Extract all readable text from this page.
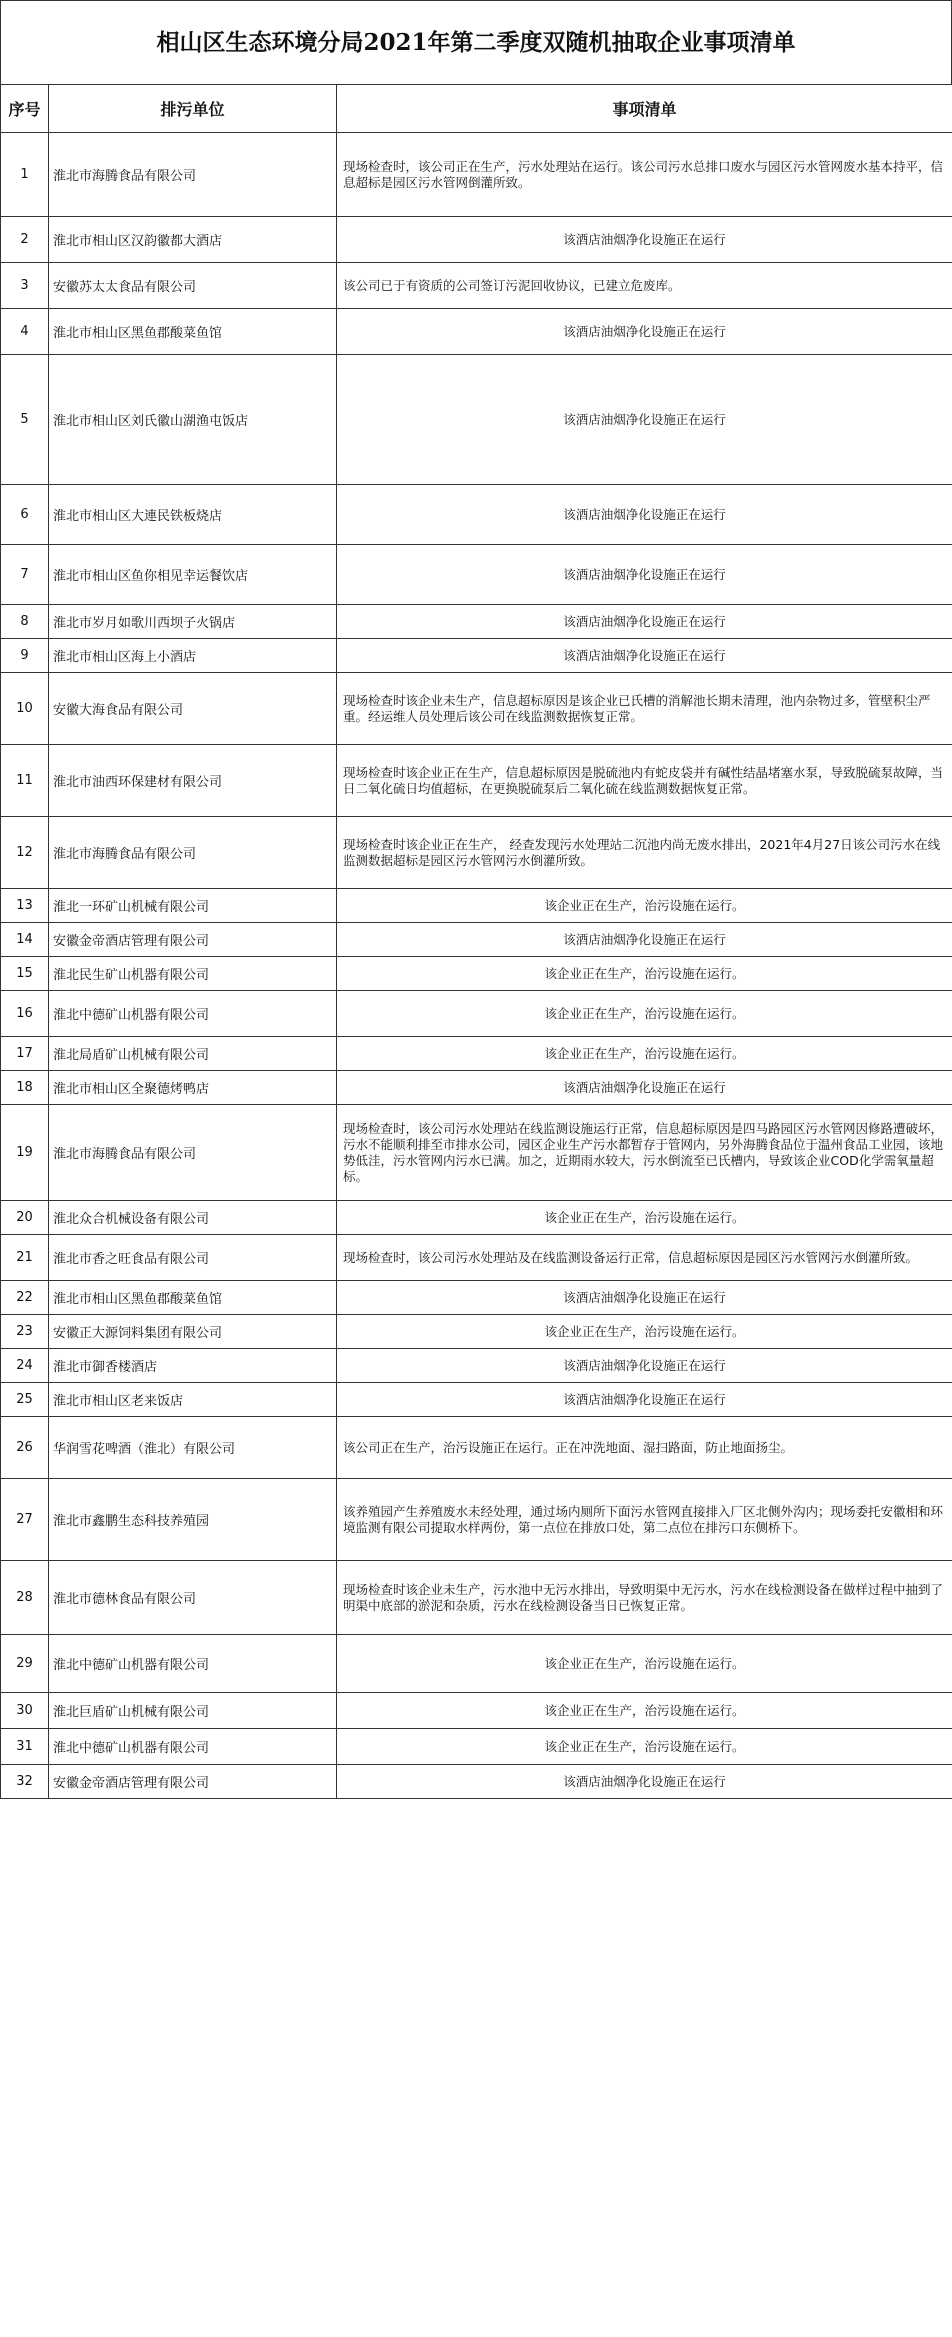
相山区生态环境分局2021年第二季度双随机抽取企业事项清单
序号	排污单位	事项清单
1	淮北市海腾食品有限公司	现场检查时，该公司正在生产，污水处理站在运行。该公司污水总排口废水与园区污水管网废水基本持平，信息超标是园区污水管网倒灌所致。
2	淮北市相山区汉韵徽都大酒店	该酒店油烟净化设施正在运行
3	安徽苏太太食品有限公司	该公司已于有资质的公司签订污泥回收协议，已建立危废库。
4	淮北市相山区黑鱼郡酸菜鱼馆	该酒店油烟净化设施正在运行
5	淮北市相山区刘氏徽山湖渔屯饭店	该酒店油烟净化设施正在运行
6	淮北市相山区大連民铁板烧店	该酒店油烟净化设施正在运行
7	淮北市相山区鱼你相见幸运餐饮店	该酒店油烟净化设施正在运行
8	淮北市岁月如歌川西坝子火锅店	该酒店油烟净化设施正在运行
9	淮北市相山区海上小酒店	该酒店油烟净化设施正在运行
10	安徽大海食品有限公司	现场检查时该企业未生产，信息超标原因是该企业已氏槽的消解池长期未清理，池内杂物过多，管壁积尘严重。经运维人员处理后该公司在线监测数据恢复正常。
11	淮北市油西环保建材有限公司	现场检查时该企业正在生产，信息超标原因是脱硫池内有蛇皮袋并有碱性结晶堵塞水泵，导致脱硫泵故障，当日二氧化硫日均值超标，在更换脱硫泵后二氧化硫在线监测数据恢复正常。
12	淮北市海腾食品有限公司	现场检查时该企业正在生产， 经查发现污水处理站二沉池内尚无废水排出，2021年4月27日该公司污水在线监测数据超标是园区污水管网污水倒灌所致。
13	淮北一环矿山机械有限公司	该企业正在生产，治污设施在运行。
14	安徽金帝酒店管理有限公司	该酒店油烟净化设施正在运行
15	淮北民生矿山机器有限公司	该企业正在生产，治污设施在运行。
16	淮北中德矿山机器有限公司	该企业正在生产，治污设施在运行。
17	淮北局盾矿山机械有限公司	该企业正在生产，治污设施在运行。
18	淮北市相山区全聚德烤鸭店	该酒店油烟净化设施正在运行
19	淮北市海腾食品有限公司	现场检查时，该公司污水处理站在线监测设施运行正常，信息超标原因是四马路园区污水管网因修路遭破坏，污水不能顺利排至市排水公司，园区企业生产污水都暂存于管网内，另外海腾食品位于温州食品工业园，该地势低洼，污水管网内污水已满。加之，近期雨水较大，污水倒流至已氏槽内，导致该企业COD化学需氧量超标。
20	淮北众合机械设备有限公司	该企业正在生产，治污设施在运行。
21	淮北市香之旺食品有限公司	现场检查时，该公司污水处理站及在线监测设备运行正常，信息超标原因是园区污水管网污水倒灌所致。
22	淮北市相山区黑鱼郡酸菜鱼馆	该酒店油烟净化设施正在运行
23	安徽正大源饲料集团有限公司	该企业正在生产，治污设施在运行。
24	淮北市御香楼酒店	该酒店油烟净化设施正在运行
25	淮北市相山区老来饭店	该酒店油烟净化设施正在运行
26	华润雪花啤酒（淮北）有限公司	该公司正在生产，治污设施正在运行。正在冲洗地面、湿扫路面，防止地面扬尘。
27	淮北市鑫鹏生态科技养殖园	该养殖园产生养殖废水未经处理，通过场内厕所下面污水管网直接排入厂区北侧外沟内；现场委托安徽相和环境监测有限公司提取水样两份，第一点位在排放口处，第二点位在排污口东侧桥下。
28	淮北市德林食品有限公司	现场检查时该企业未生产，污水池中无污水排出，导致明渠中无污水，污水在线检测设备在做样过程中抽到了明渠中底部的淤泥和杂质，污水在线检测设备当日已恢复正常。
29	淮北中德矿山机器有限公司	该企业正在生产，治污设施在运行。
30	淮北巨盾矿山机械有限公司	该企业正在生产，治污设施在运行。
31	淮北中德矿山机器有限公司	该企业正在生产，治污设施在运行。
32	安徽金帝酒店管理有限公司	该酒店油烟净化设施正在运行
